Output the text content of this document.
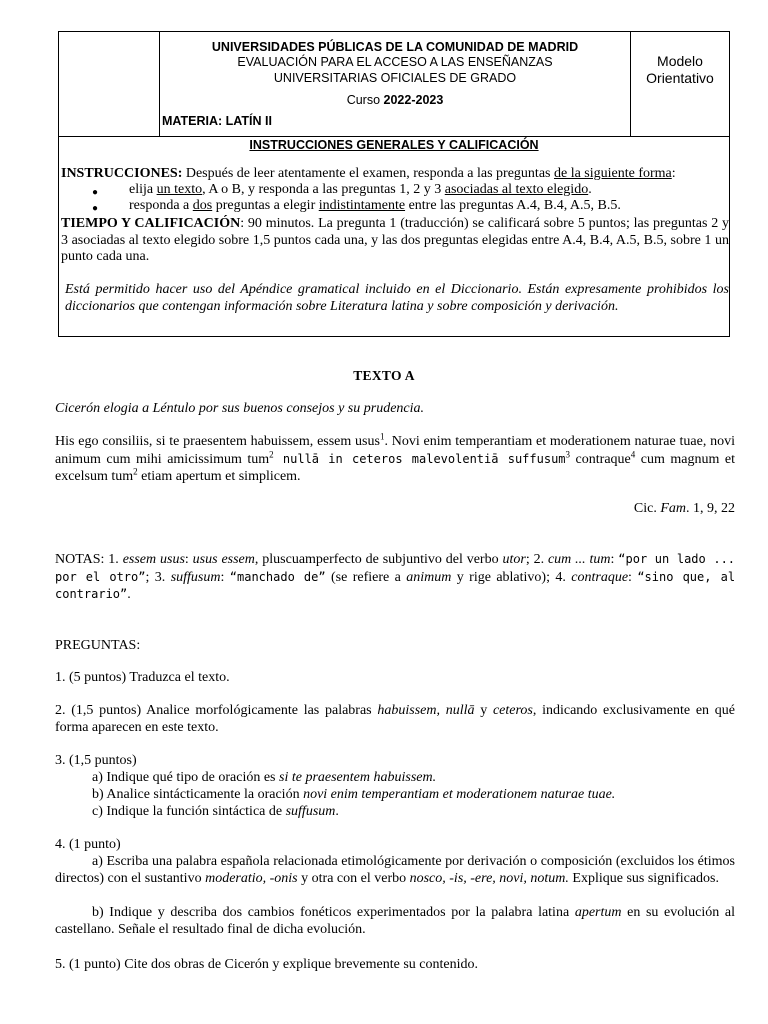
UNIVERSIDADES PÚBLICAS DE LA COMUNIDAD DE MADRID
EVALUACIÓN PARA EL ACCESO A LAS ENSEÑANZAS
UNIVERSITARIAS OFICIALES DE GRADO
Curso 2022-2023
MATERIA: LATÍN II
Modelo
Orientativo
INSTRUCCIONES GENERALES Y CALIFICACIÓN
INSTRUCCIONES: Después de leer atentamente el examen, responda a las preguntas de la siguiente forma:
● elija un texto, A o B, y responda a las preguntas 1, 2 y 3 asociadas al texto elegido.
● responda a dos preguntas a elegir indistintamente entre las preguntas A.4, B.4, A.5, B.5.
TIEMPO Y CALIFICACIÓN: 90 minutos. La pregunta 1 (traducción) se calificará sobre 5 puntos; las preguntas 2 y 3 asociadas al texto elegido sobre 1,5 puntos cada una, y las dos preguntas elegidas entre A.4, B.4, A.5, B.5, sobre 1 un punto cada una.
Está permitido hacer uso del Apéndice gramatical incluido en el Diccionario. Están expresamente prohibidos los diccionarios que contengan información sobre Literatura latina y sobre composición y derivación.
TEXTO A
Cicerón elogia a Léntulo por sus buenos consejos y su prudencia.
His ego consiliis, si te praesentem habuissem, essem usus$^1$. Novi enim temperantiam et moderationem naturae tuae, novi animum cum mihi amicissimum tum$^2$ nullā in ceteros malevolentiā suffusum$^3$ contraque$^4$ cum magnum et excelsum tum$^2$ etiam apertum et simplicem.
Cic. Fam. 1, 9, 22
NOTAS: 1. essem usus: usus essem, pluscuamperfecto de subjuntivo del verbo utor; 2. cum ... tum: “por un lado ... por el otro”; 3. suffusum: “manchado de” (se refiere a animum y rige ablativo); 4. contraque: “sino que, al contrario”.
PREGUNTAS:
1. (5 puntos) Traduzca el texto.
2. (1,5 puntos) Analice morfológicamente las palabras habuissem, nullā y ceteros, indicando exclusivamente en qué forma aparecen en este texto.
3. (1,5 puntos)
a) Indique qué tipo de oración es si te praesentem habuissem.
b) Analice sintácticamente la oración novi enim temperantiam et moderationem naturae tuae.
c) Indique la función sintáctica de suffusum.
4. (1 punto)
a) Escriba una palabra española relacionada etimológicamente por derivación o composición (excluidos los étimos directos) con el sustantivo moderatio, -onis y otra con el verbo nosco, -is, -ere, novi, notum. Explique sus significados.
b) Indique y describa dos cambios fonéticos experimentados por la palabra latina apertum en su evolución al castellano. Señale el resultado final de dicha evolución.
5. (1 punto) Cite dos obras de Cicerón y explique brevemente su contenido.
